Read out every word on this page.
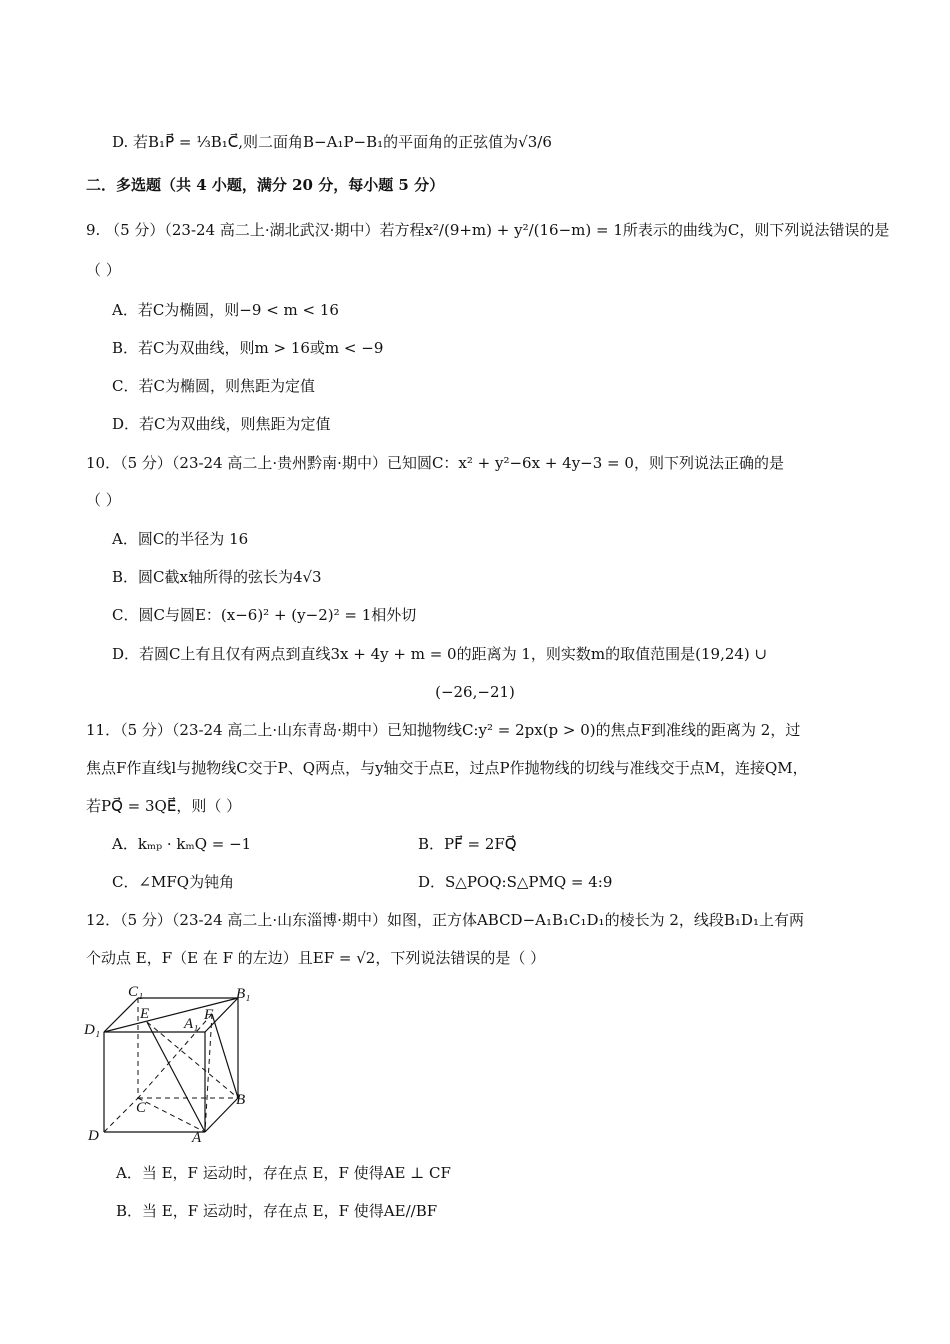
D. 若B₁P⃗ = ⅓B₁C⃗,则二面角B−A₁P−B₁的平面角的正弦值为√3/6
二．多选题（共 4 小题，满分 20 分，每小题 5 分）
9. （5 分）（23-24 高二上·湖北武汉·期中）若方程x²/(9+m) + y²/(16−m) = 1所表示的曲线为C，则下列说法错误的是
（ ）
A．若C为椭圆，则−9 < m < 16
B．若C为双曲线，则m > 16或m < −9
C．若C为椭圆，则焦距为定值
D．若C为双曲线，则焦距为定值
10．（5 分）（23-24 高二上·贵州黔南·期中）已知圆C：x² + y²−6x + 4y−3 = 0，则下列说法正确的是
（ ）
A．圆C的半径为 16
B．圆C截x轴所得的弦长为4√3
C．圆C与圆E：(x−6)² + (y−2)² = 1相外切
D．若圆C上有且仅有两点到直线3x + 4y + m = 0的距离为 1，则实数m的取值范围是(19,24) ∪
(−26,−21)
11．（5 分）（23-24 高二上·山东青岛·期中）已知抛物线C:y² = 2px(p > 0)的焦点F到准线的距离为 2，过
焦点F作直线l与抛物线C交于P、Q两点，与y轴交于点E，过点P作抛物线的切线与准线交于点M，连接QM，
若PQ⃗ = 3QE⃗，则（ ）
A．kₘₚ · kₘQ = −1	B．PF⃗ = 2FQ⃗
C．∠MFQ为钝角	D．S△POQ:S△PMQ = 4:9
12．（5 分）（23-24 高二上·山东淄博·期中）如图，正方体ABCD−A₁B₁C₁D₁的棱长为 2，线段B₁D₁上有两
个动点 E，F（E 在 F 的左边）且EF = √2，下列说法错误的是（ ）
C₁	B₁
D₁	A₁
E	F
C	B
D	A
A．当 E，F 运动时，存在点 E，F 使得AE ⊥ CF
B．当 E，F 运动时，存在点 E，F 使得AE//BF
